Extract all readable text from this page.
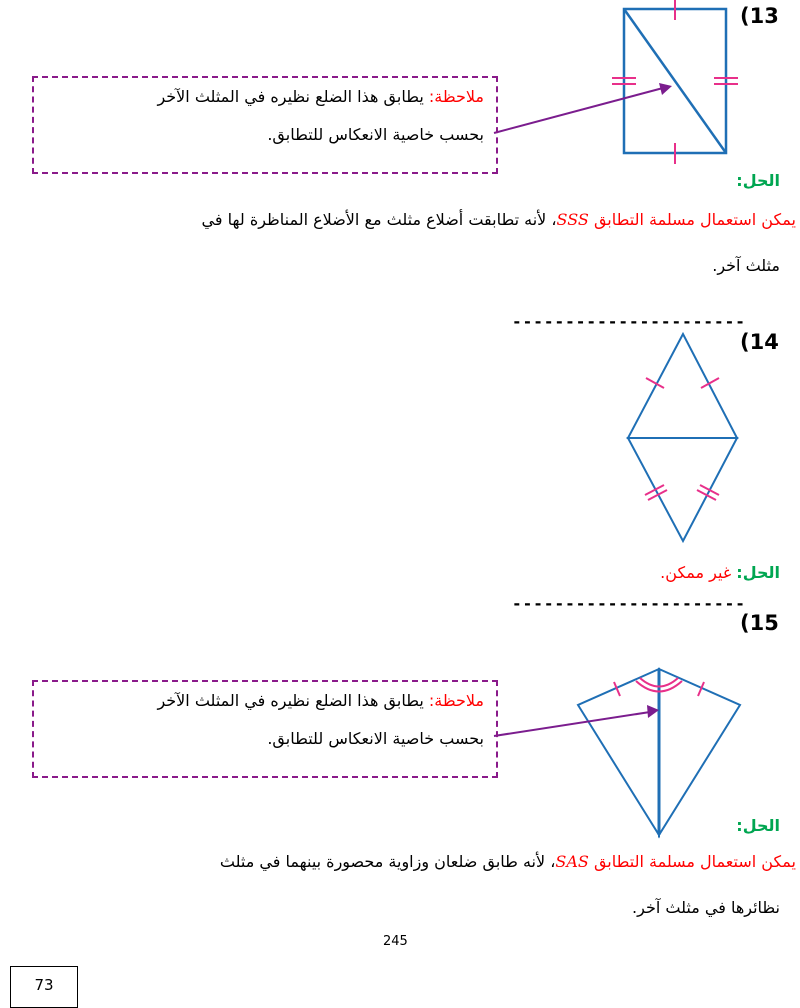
(13
ملاحظة: يطابق هذا الضلع نظيره في المثلث الآخر
بحسب خاصية الانعكاس للتطابق.
الحل:
يمكن استعمال مسلمة التطابق SSS، لأنه تطابقت أضلاع مثلث مع الأضلاع المناظرة لها في
مثلث آخر.
----------------------
(14
الحل: غير ممكن.
----------------------
(15
ملاحظة: يطابق هذا الضلع نظيره في المثلث الآخر
بحسب خاصية الانعكاس للتطابق.
الحل:
يمكن استعمال مسلمة التطابق SAS، لأنه طابق ضلعان وزاوية محصورة بينهما في مثلث
نظائرها في مثلث آخر.
245
73
